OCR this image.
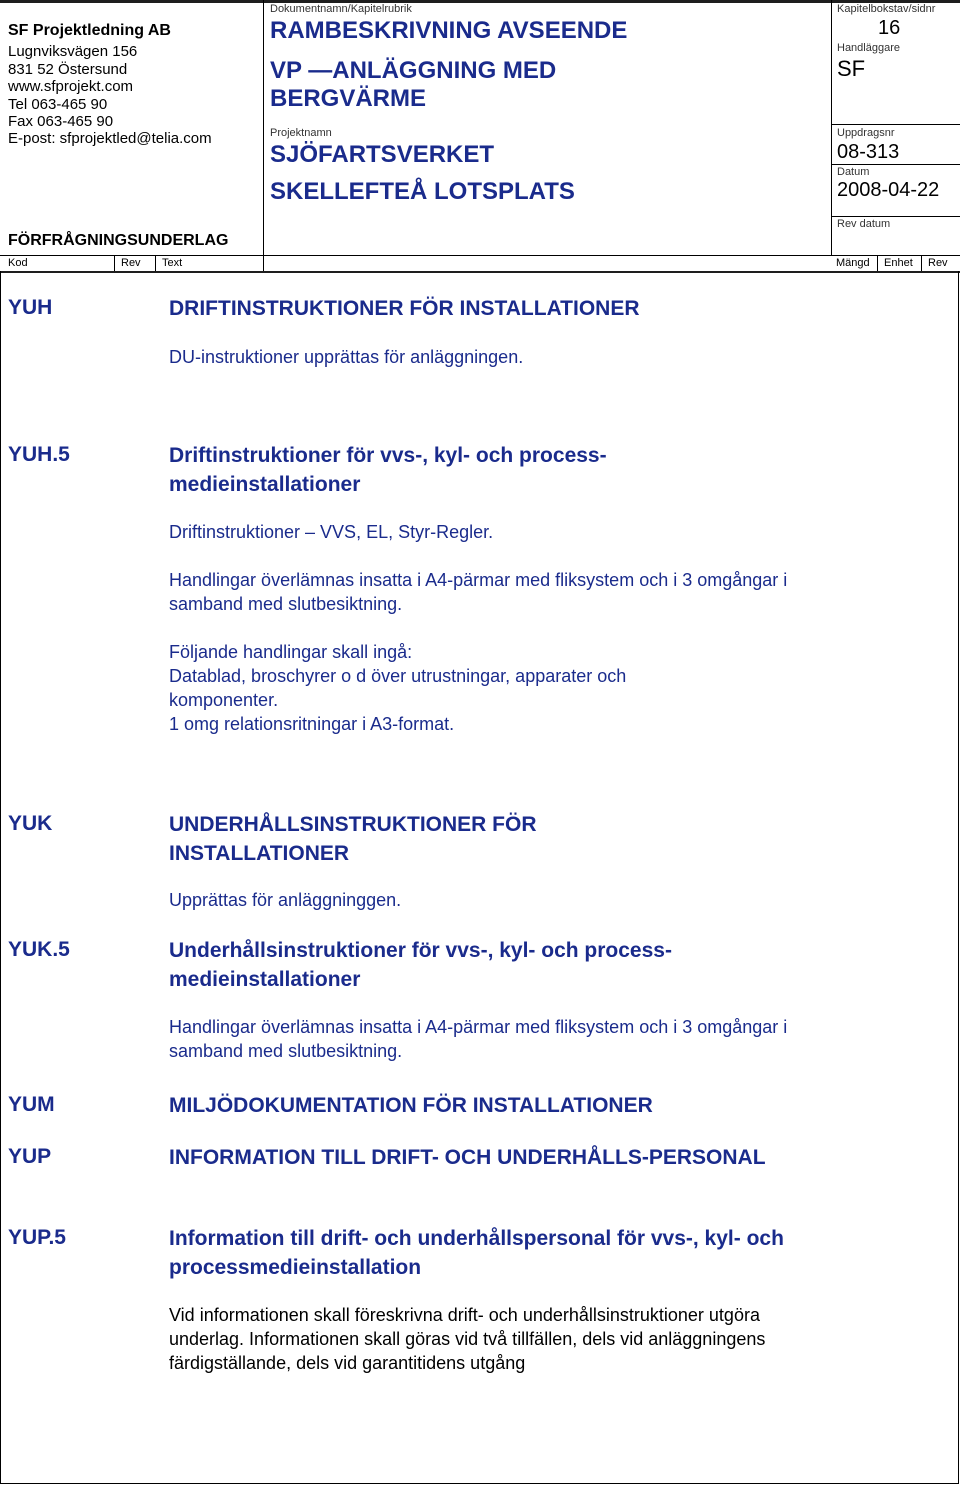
SF Projektledning AB
Lugnviksvägen 156
831 52 Östersund
www.sfprojekt.com
Tel 063-465 90
Fax 063-465 90
E-post: sfprojektled@telia.com
FÖRFRÅGNINGSUNDERLAG
Dokumentnamn/Kapitelrubrik
RAMBESKRIVNING AVSEENDE
VP —ANLÄGGNING MED
BERGVÄRME
Projektnamn
SJÖFARTSVERKET
SKELLEFTEÅ LOTSPLATS
Kapitelbokstav/sidnr
16
Handläggare
SF
Uppdragsnr
08-313
Datum
2008-04-22
Rev datum
Kod	Rev Text	Mängd Enhet Rev
YUH	DRIFTINSTRUKTIONER FÖR INSTALLATIONER
DU-instruktioner upprättas för anläggningen.
YUH.5	Driftinstruktioner för vvs-, kyl- och process-medieinstallationer
Driftinstruktioner – VVS, EL, Styr-Regler.
Handlingar överlämnas insatta i A4-pärmar med fliksystem och i 3 omgångar i samband med slutbesiktning.
Följande handlingar skall ingå:
Datablad, broschyrer o d över utrustningar, apparater och komponenter.
1 omg relationsritningar i A3-format.
YUK	UNDERHÅLLSINSTRUKTIONER FÖR INSTALLATIONER
Upprättas för anläggninggen.
YUK.5	Underhållsinstruktioner för vvs-, kyl- och process-medieinstallationer
Handlingar överlämnas insatta i A4-pärmar med fliksystem och i 3 omgångar i samband med slutbesiktning.
YUM	MILJÖDOKUMENTATION FÖR INSTALLATIONER
YUP	INFORMATION TILL DRIFT- OCH UNDERHÅLLS-PERSONAL
YUP.5	Information till drift- och underhållspersonal för vvs-, kyl- och processmedieinstallation
Vid informationen skall föreskrivna drift- och underhållsinstruktioner utgöra underlag. Informationen skall göras vid två tillfällen, dels vid anläggningens färdigställande, dels vid garantitidens utgång
